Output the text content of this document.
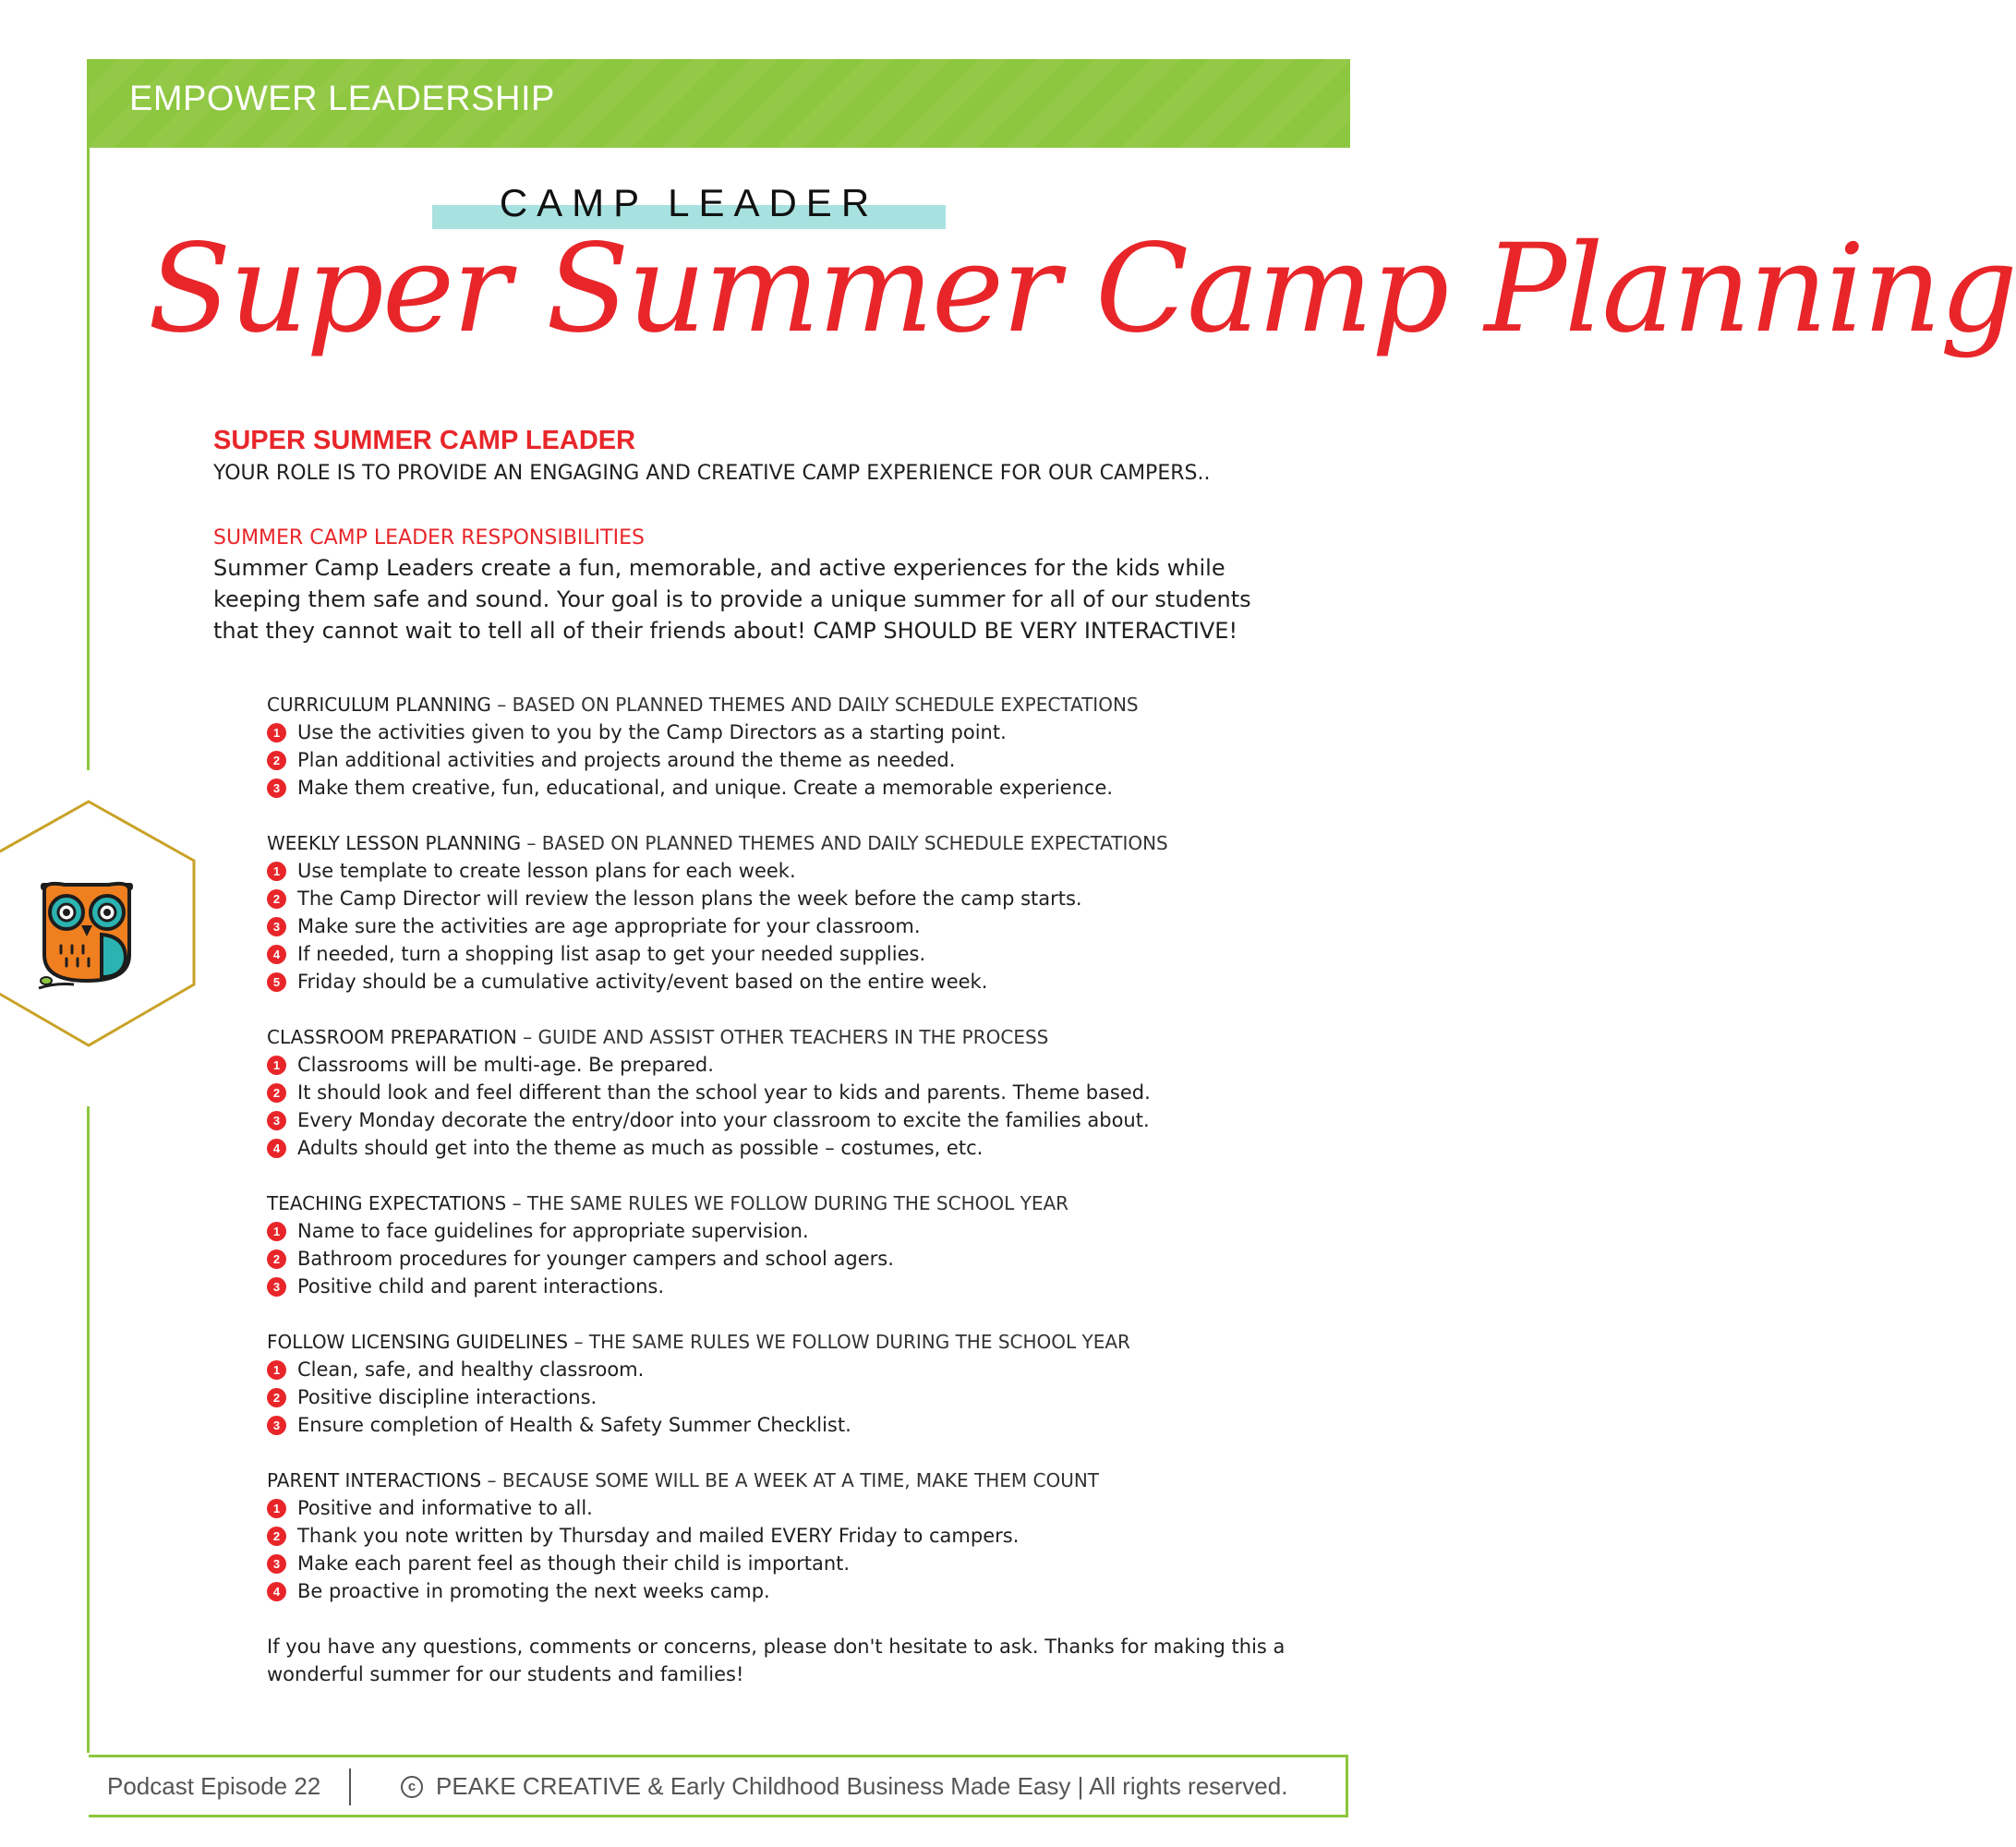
EMPOWER LEADERSHIP
CAMP LEADER
Super Summer Camp Planning
SUPER SUMMER CAMP LEADER
YOUR ROLE IS TO PROVIDE AN ENGAGING AND CREATIVE CAMP EXPERIENCE FOR OUR CAMPERS..
SUMMER CAMP LEADER RESPONSIBILITIES
Summer Camp Leaders create a fun, memorable, and active experiences for the kids while keeping them safe and sound. Your goal is to provide a unique summer for all of our students that they cannot wait to tell all of their friends about! CAMP SHOULD BE VERY INTERACTIVE!
CURRICULUM PLANNING – BASED ON PLANNED THEMES AND DAILY SCHEDULE EXPECTATIONS
1 Use the activities given to you by the Camp Directors as a starting point.
2 Plan additional activities and projects around the theme as needed.
3 Make them creative, fun, educational, and unique. Create a memorable experience.
WEEKLY LESSON PLANNING – BASED ON PLANNED THEMES AND DAILY SCHEDULE EXPECTATIONS
1 Use template to create lesson plans for each week.
2 The Camp Director will review the lesson plans the week before the camp starts.
3 Make sure the activities are age appropriate for your classroom.
4 If needed, turn a shopping list asap to get your needed supplies.
5 Friday should be a cumulative activity/event based on the entire week.
CLASSROOM PREPARATION – GUIDE AND ASSIST OTHER TEACHERS IN THE PROCESS
1 Classrooms will be multi-age. Be prepared.
2 It should look and feel different than the school year to kids and parents. Theme based.
3 Every Monday decorate the entry/door into your classroom to excite the families about.
4 Adults should get into the theme as much as possible – costumes, etc.
TEACHING EXPECTATIONS – THE SAME RULES WE FOLLOW DURING THE SCHOOL YEAR
1 Name to face guidelines for appropriate supervision.
2 Bathroom procedures for younger campers and school agers.
3 Positive child and parent interactions.
FOLLOW LICENSING GUIDELINES – THE SAME RULES WE FOLLOW DURING THE SCHOOL YEAR
1 Clean, safe, and healthy classroom.
2 Positive discipline interactions.
3 Ensure completion of Health & Safety Summer Checklist.
PARENT INTERACTIONS – BECAUSE SOME WILL BE A WEEK AT A TIME, MAKE THEM COUNT
1 Positive and informative to all.
2 Thank you note written by Thursday and mailed EVERY Friday to campers.
3 Make each parent feel as though their child is important.
4 Be proactive in promoting the next weeks camp.
If you have any questions, comments or concerns, please don't hesitate to ask. Thanks for making this a wonderful summer for our students and families!
Podcast Episode 22	c PEAKE CREATIVE & Early Childhood Business Made Easy | All rights reserved.
